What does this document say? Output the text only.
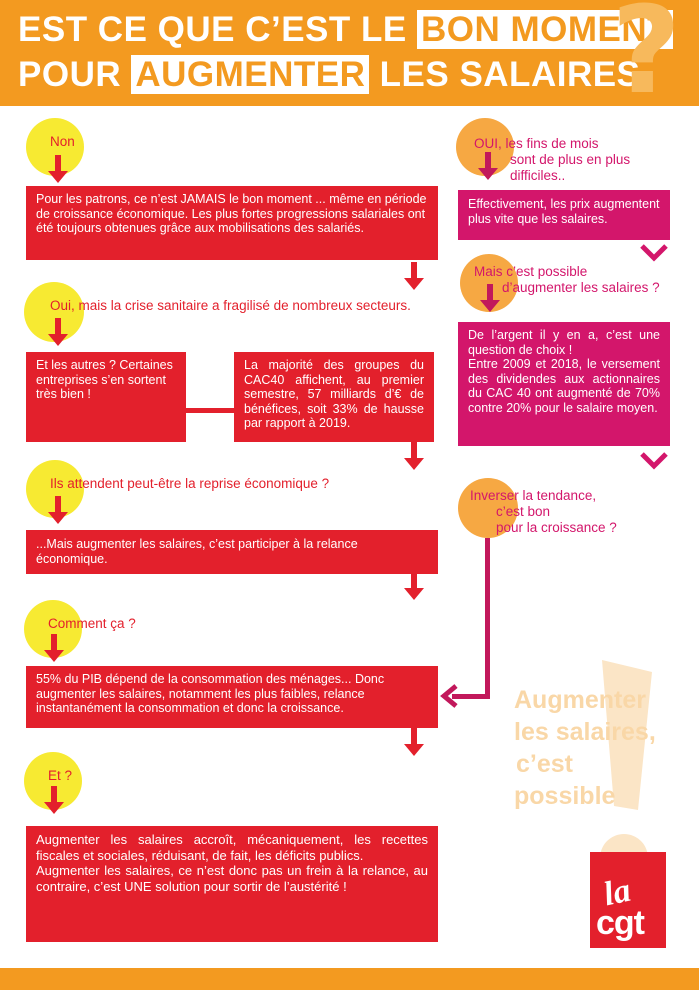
EST CE QUE C’EST LE BON MOMENT
POUR AUGMENTER LES SALAIRES
?
Augmenter
les salaires,
c’est
possible
Non

Pour les patrons, ce n’est JAMAIS le bon moment ... même en période de croissance économique. Les plus fortes progressions salariales ont été toujours obtenues grâce aux mobilisations des salariés.

Oui, mais la crise sanitaire a fragilisé de nombreux secteurs.

Et les autres ? Certaines entreprises s’en sortent très bien !

La majorité des groupes du CAC40 affichent, au premier semestre, 57 milliards d’€ de bénéfices, soit 33% de hausse par rapport à 2019.

Ils attendent peut-être la reprise économique ?

...Mais augmenter les salaires, c’est participer à la relance économique.

Comment ça ?

55% du PIB dépend de la consommation des ménages... Donc augmenter les salaires, notamment les plus faibles, relance instantanément la consommation et donc la croissance.

Et ?

Augmenter les salaires accroît, mécaniquement, les recettes fiscales et sociales, réduisant, de fait, les déficits publics.

Augmenter les salaires, ce n’est donc pas un frein à la relance, au contraire, c’est UNE solution pour sortir de l’austérité !

OUI, les fins de mois
sont de plus en plus
difficiles..

Effectivement, les prix augmentent plus vite que les salaires.

Mais c’est possible
d’augmenter les salaires ?

De l’argent il y en a, c’est une question de choix !

Entre 2009 et 2018, le versement des dividendes aux actionnaires du CAC 40 ont augmenté de 70% contre 20% pour le salaire moyen.

Inverser la tendance,
c’est bon
pour la croissance ?
la
cgt
